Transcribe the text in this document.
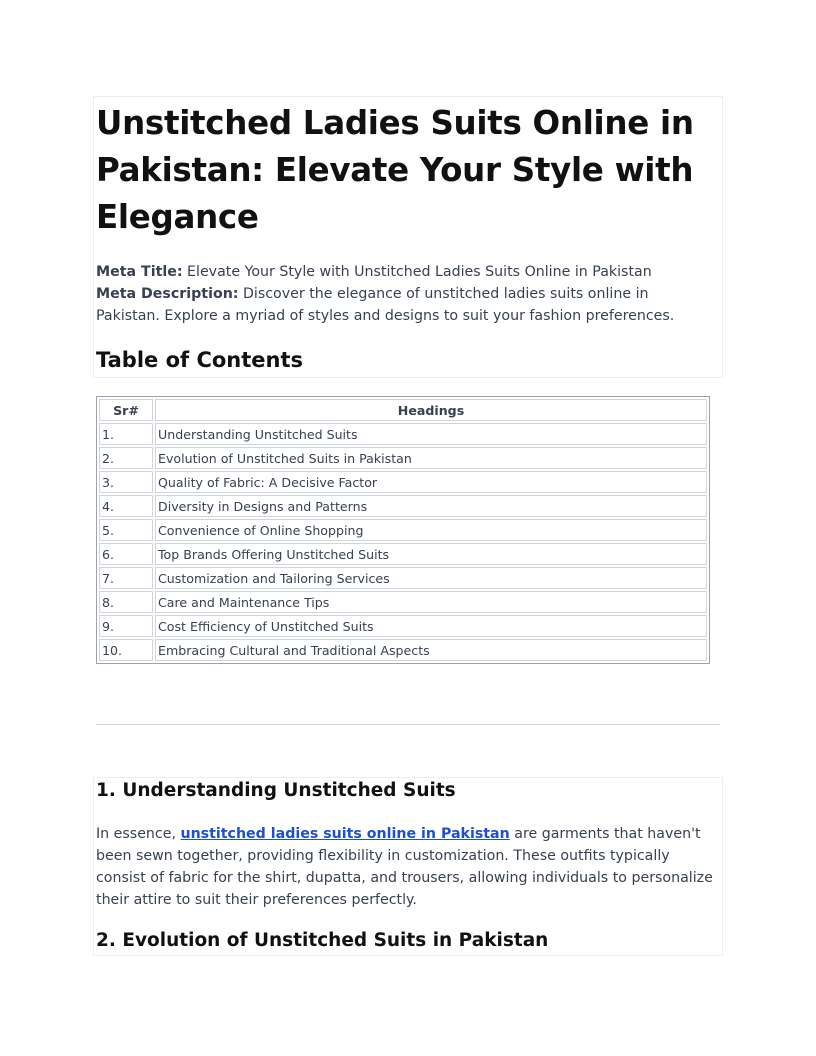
Unstitched Ladies Suits Online in
Pakistan: Elevate Your Style with
Elegance
Meta Title: Elevate Your Style with Unstitched Ladies Suits Online in Pakistan
Meta Description: Discover the elegance of unstitched ladies suits online in Pakistan. Explore a myriad of styles and designs to suit your fashion preferences.
Table of Contents
Sr#	Headings
1.	Understanding Unstitched Suits
2.	Evolution of Unstitched Suits in Pakistan
3.	Quality of Fabric: A Decisive Factor
4.	Diversity in Designs and Patterns
5.	Convenience of Online Shopping
6.	Top Brands Offering Unstitched Suits
7.	Customization and Tailoring Services
8.	Care and Maintenance Tips
9.	Cost Efficiency of Unstitched Suits
10.	Embracing Cultural and Traditional Aspects
1. Understanding Unstitched Suits

In essence, unstitched ladies suits online in Pakistan are garments that haven't been sewn together, providing flexibility in customization. These outfits typically consist of fabric for the shirt, dupatta, and trousers, allowing individuals to personalize their attire to suit their preferences perfectly.

2. Evolution of Unstitched Suits in Pakistan
